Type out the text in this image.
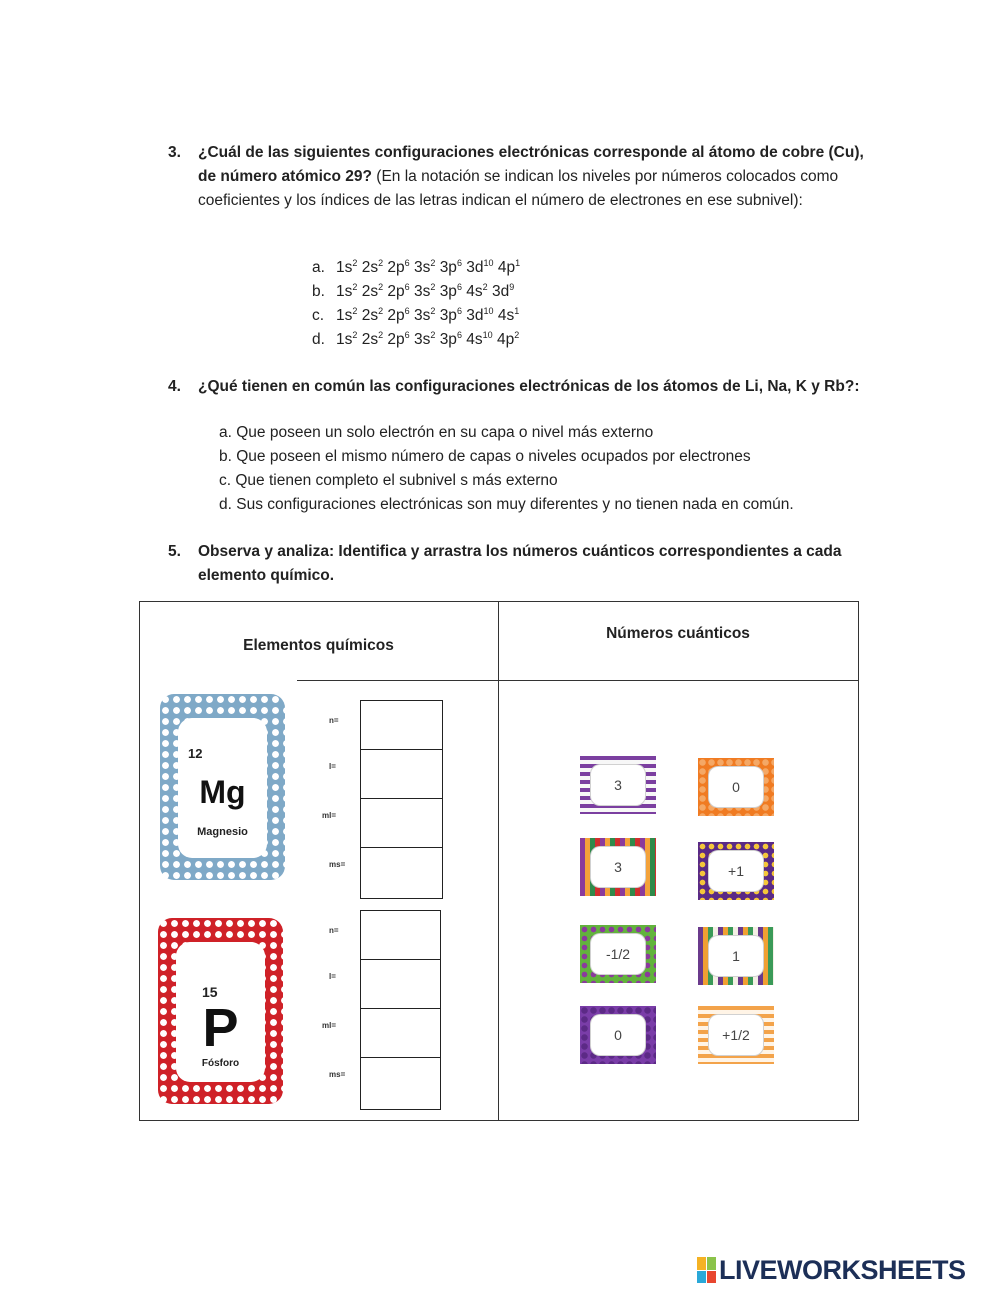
3. ¿Cuál de las siguientes configuraciones electrónicas corresponde al átomo de cobre (Cu), de número atómico 29? (En la notación se indican los niveles por números colocados como coeficientes y los índices de las letras indican el número de electrones en ese subnivel):
a. $1s^2$ $2s^2$ $2p^6$ $3s^2$ $3p^6$ $3d^{10}$ $4p^1$
b. $1s^2$ $2s^2$ $2p^6$ $3s^2$ $3p^6$ $4s^2$ $3d^9$
c. $1s^2$ $2s^2$ $2p^6$ $3s^2$ $3p^6$ $3d^{10}$ $4s^1$
d. $1s^2$ $2s^2$ $2p^6$ $3s^2$ $3p^6$ $4s^{10}$ $4p^2$
4. ¿Qué tienen en común las configuraciones electrónicas de los átomos de Li, Na, K y Rb?:
a. Que poseen un solo electrón en su capa o nivel más externo
b. Que poseen el mismo número de capas o niveles ocupados por electrones
c. Que tienen completo el subnivel s más externo
d. Sus configuraciones electrónicas son muy diferentes y no tienen nada en común.
5. Observa y analiza: Identifica y arrastra los números cuánticos correspondientes a cada elemento químico.
Elementos químicos
Números cuánticos
12
Mg
Magnesio
15
P
Fósforo
n=
l=
ml=
ms=
n=
l=
ml=
ms=
3	0
3	+1
-1/2	1
0	+1/2
LIVEWORKSHEETS
